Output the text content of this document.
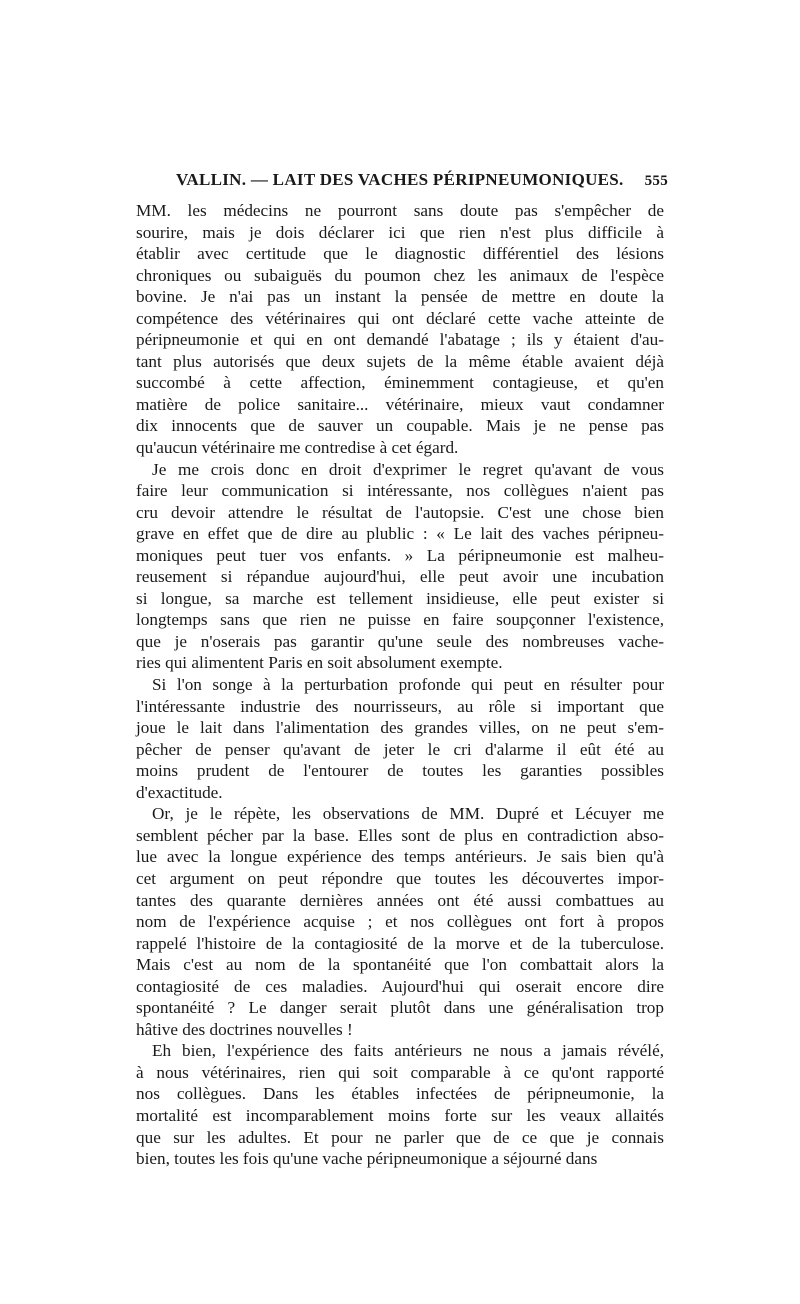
VALLIN. — LAIT DES VACHES PÉRIPNEUMONIQUES. 555
MM. les médecins ne pourront sans doute pas s'empêcher de
sourire, mais je dois déclarer ici que rien n'est plus difficile à
établir avec certitude que le diagnostic différentiel des lésions
chroniques ou subaiguës du poumon chez les animaux de l'espèce
bovine. Je n'ai pas un instant la pensée de mettre en doute la
compétence des vétérinaires qui ont déclaré cette vache atteinte de
péripneumonie et qui en ont demandé l'abatage ; ils y étaient d'au-
tant plus autorisés que deux sujets de la même étable avaient déjà
succombé à cette affection, éminemment contagieuse, et qu'en
matière de police sanitaire... vétérinaire, mieux vaut condamner
dix innocents que de sauver un coupable. Mais je ne pense pas
qu'aucun vétérinaire me contredise à cet égard.
Je me crois donc en droit d'exprimer le regret qu'avant de vous
faire leur communication si intéressante, nos collègues n'aient pas
cru devoir attendre le résultat de l'autopsie. C'est une chose bien
grave en effet que de dire au plublic : « Le lait des vaches péripneu-
moniques peut tuer vos enfants. » La péripneumonie est malheu-
reusement si répandue aujourd'hui, elle peut avoir une incubation
si longue, sa marche est tellement insidieuse, elle peut exister si
longtemps sans que rien ne puisse en faire soupçonner l'existence,
que je n'oserais pas garantir qu'une seule des nombreuses vache-
ries qui alimentent Paris en soit absolument exempte.
Si l'on songe à la perturbation profonde qui peut en résulter pour
l'intéressante industrie des nourrisseurs, au rôle si important que
joue le lait dans l'alimentation des grandes villes, on ne peut s'em-
pêcher de penser qu'avant de jeter le cri d'alarme il eût été au
moins prudent de l'entourer de toutes les garanties possibles
d'exactitude.
Or, je le répète, les observations de MM. Dupré et Lécuyer me
semblent pécher par la base. Elles sont de plus en contradiction abso-
lue avec la longue expérience des temps antérieurs. Je sais bien qu'à
cet argument on peut répondre que toutes les découvertes impor-
tantes des quarante dernières années ont été aussi combattues au
nom de l'expérience acquise ; et nos collègues ont fort à propos
rappelé l'histoire de la contagiosité de la morve et de la tuberculose.
Mais c'est au nom de la spontanéité que l'on combattait alors la
contagiosité de ces maladies. Aujourd'hui qui oserait encore dire
spontanéité ? Le danger serait plutôt dans une généralisation trop
hâtive des doctrines nouvelles !
Eh bien, l'expérience des faits antérieurs ne nous a jamais révélé,
à nous vétérinaires, rien qui soit comparable à ce qu'ont rapporté
nos collègues. Dans les étables infectées de péripneumonie, la
mortalité est incomparablement moins forte sur les veaux allaités
que sur les adultes. Et pour ne parler que de ce que je connais
bien, toutes les fois qu'une vache péripneumonique a séjourné dans
